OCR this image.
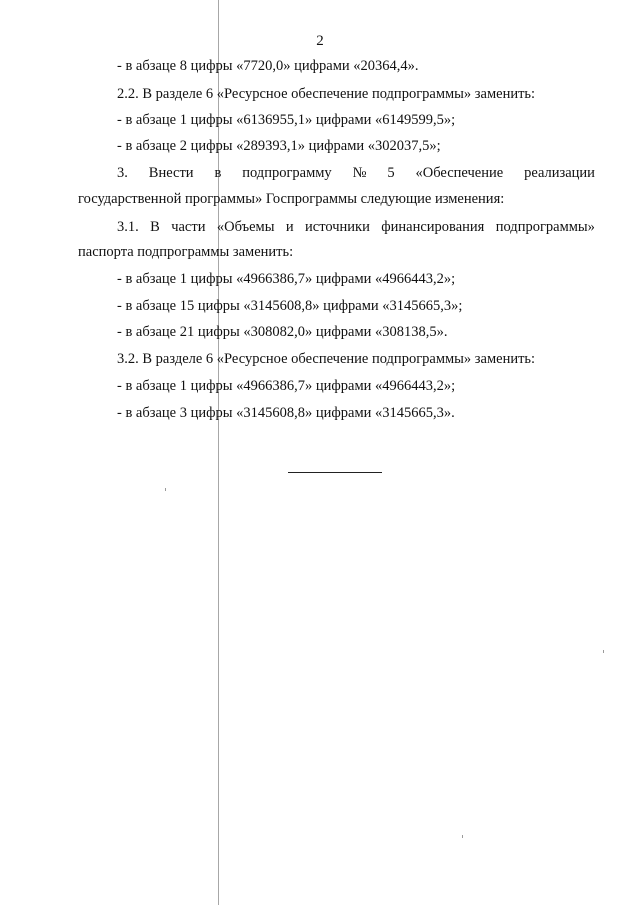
2
- в абзаце 8 цифры «7720,0» цифрами «20364,4».
2.2. В разделе 6 «Ресурсное обеспечение подпрограммы» заменить:
- в абзаце 1 цифры «6136955,1» цифрами «6149599,5»;
- в абзаце 2 цифры «289393,1» цифрами «302037,5»;
3. Внести в подпрограмму № 5 «Обеспечение реализации
государственной программы» Госпрограммы следующие изменения:
3.1. В части «Объемы и источники финансирования подпрограммы»
паспорта подпрограммы заменить:
- в абзаце 1 цифры «4966386,7» цифрами «4966443,2»;
- в абзаце 15 цифры «3145608,8» цифрами «3145665,3»;
- в абзаце 21 цифры «308082,0» цифрами «308138,5».
3.2. В разделе 6 «Ресурсное обеспечение подпрограммы» заменить:
- в абзаце 1 цифры «4966386,7» цифрами «4966443,2»;
- в абзаце 3 цифры «3145608,8» цифрами «3145665,3».
